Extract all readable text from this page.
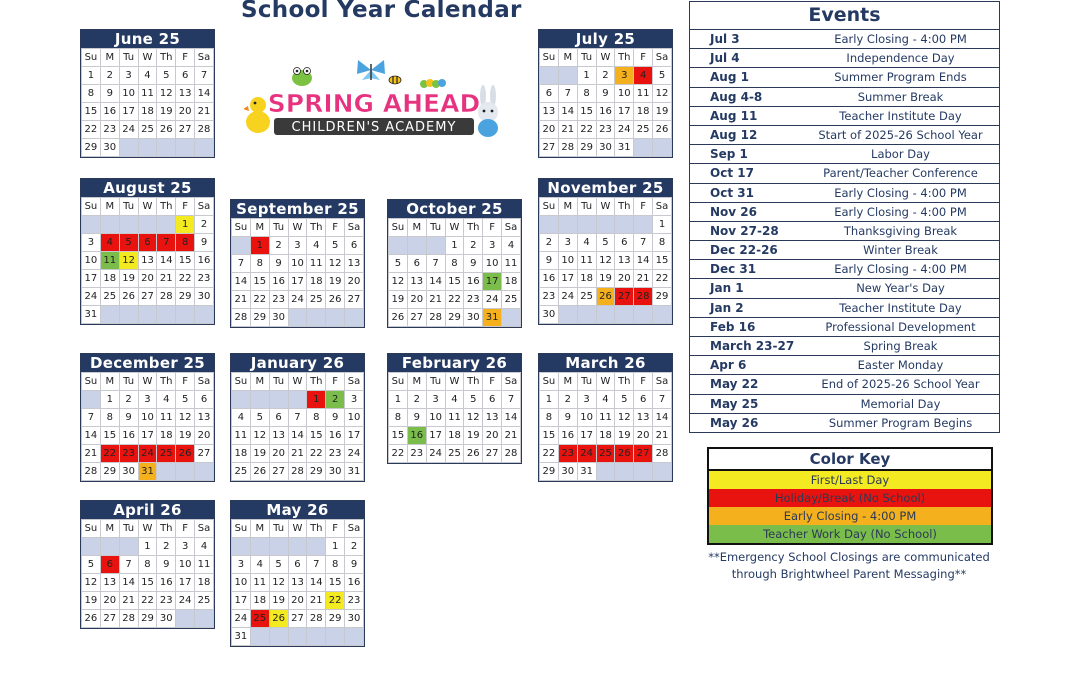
School Year Calendar
June 25
Su	M	Tu	W	Th	F	Sa
1	2	3	4	5	6	7
8	9	10	11	12	13	14
15	16	17	18	19	20	21
22	23	24	25	26	27	28
29	30					
July 25
Su	M	Tu	W	Th	F	Sa
		1	2	3	4	5
6	7	8	9	10	11	12
13	14	15	16	17	18	19
20	21	22	23	24	25	26
27	28	29	30	31		
August 25
Su	M	Tu	W	Th	F	Sa
					1	2
3	4	5	6	7	8	9
10	11	12	13	14	15	16
17	18	19	20	21	22	23
24	25	26	27	28	29	30
31						
September 25
Su	M	Tu	W	Th	F	Sa
	1	2	3	4	5	6
7	8	9	10	11	12	13
14	15	16	17	18	19	20
21	22	23	24	25	26	27
28	29	30				
October 25
Su	M	Tu	W	Th	F	Sa
			1	2	3	4
5	6	7	8	9	10	11
12	13	14	15	16	17	18
19	20	21	22	23	24	25
26	27	28	29	30	31	
November 25
Su	M	Tu	W	Th	F	Sa
						1
2	3	4	5	6	7	8
9	10	11	12	13	14	15
16	17	18	19	20	21	22
23	24	25	26	27	28	29
30						
December 25
Su	M	Tu	W	Th	F	Sa
	1	2	3	4	5	6
7	8	9	10	11	12	13
14	15	16	17	18	19	20
21	22	23	24	25	26	27
28	29	30	31			
January 26
Su	M	Tu	W	Th	F	Sa
				1	2	3
4	5	6	7	8	9	10
11	12	13	14	15	16	17
18	19	20	21	22	23	24
25	26	27	28	29	30	31
February 26
Su	M	Tu	W	Th	F	Sa
1	2	3	4	5	6	7
8	9	10	11	12	13	14
15	16	17	18	19	20	21
22	23	24	25	26	27	28
March 26
Su	M	Tu	W	Th	F	Sa
1	2	3	4	5	6	7
8	9	10	11	12	13	14
15	16	17	18	19	20	21
22	23	24	25	26	27	28
29	30	31				
April 26
Su	M	Tu	W	Th	F	Sa
			1	2	3	4
5	6	7	8	9	10	11
12	13	14	15	16	17	18
19	20	21	22	23	24	25
26	27	28	29	30		
May 26
Su	M	Tu	W	Th	F	Sa
					1	2
3	4	5	6	7	8	9
10	11	12	13	14	15	16
17	18	19	20	21	22	23
24	25	26	27	28	29	30
31						
SPRING AHEAD
CHILDREN'S ACADEMY
Events
Jul 3	Early Closing - 4:00 PM
Jul 4	Independence Day
Aug 1	Summer Program Ends
Aug 4-8	Summer Break
Aug 11	Teacher Institute Day
Aug 12	Start of 2025-26 School Year
Sep 1	Labor Day
Oct 17	Parent/Teacher Conference
Oct 31	Early Closing - 4:00 PM
Nov 26	Early Closing - 4:00 PM
Nov 27-28	Thanksgiving Break
Dec 22-26	Winter Break
Dec 31	Early Closing - 4:00 PM
Jan 1	New Year's Day
Jan 2	Teacher Institute Day
Feb 16	Professional Development
March 23-27	Spring Break
Apr 6	Easter Monday
May 22	End of 2025-26 School Year
May 25	Memorial Day
May 26	Summer Program Begins
Color Key
First/Last Day
Holiday/Break (No School)
Early Closing - 4:00 PM
Teacher Work Day (No School)
**Emergency School Closings are communicated
through Brightwheel Parent Messaging**
